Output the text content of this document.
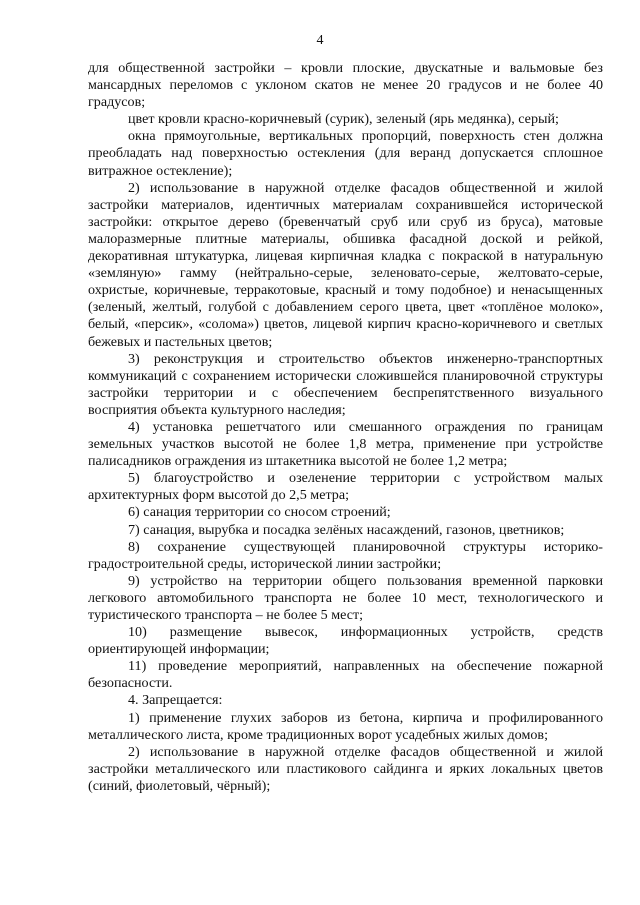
4

для общественной застройки – кровли плоские, двускатные и вальмовые без мансардных переломов с уклоном скатов не менее 20 градусов и не более 40 градусов;

цвет кровли красно-коричневый (сурик), зеленый (ярь медянка), серый;

окна прямоугольные, вертикальных пропорций, поверхность стен должна преобладать над поверхностью остекления (для веранд допускается сплошное витражное остекление);

2) использование в наружной отделке фасадов общественной и жилой застройки материалов, идентичных материалам сохранившейся исторической застройки: открытое дерево (бревенчатый сруб или сруб из бруса), матовые малоразмерные плитные материалы, обшивка фасадной доской и рейкой, декоративная штукатурка, лицевая кирпичная кладка с покраской в натуральную «земляную» гамму (нейтрально-серые, зеленовато-серые, желтовато-серые, охристые, коричневые, терракотовые, красный и тому подобное) и ненасыщенных (зеленый, желтый, голубой с добавлением серого цвета, цвет «топлёное молоко», белый, «персик», «солома») цветов, лицевой кирпич красно-коричневого и светлых бежевых и пастельных цветов;

3) реконструкция и строительство объектов инженерно-транспортных коммуникаций с сохранением исторически сложившейся планировочной структуры застройки территории и с обеспечением беспрепятственного визуального восприятия объекта культурного наследия;

4) установка решетчатого или смешанного ограждения по границам земельных участков высотой не более 1,8 метра, применение при устройстве палисадников ограждения из штакетника высотой не более 1,2 метра;

5) благоустройство и озеленение территории с устройством малых архитектурных форм высотой до 2,5 метра;

6) санация территории со сносом строений;

7) санация, вырубка и посадка зелёных насаждений, газонов, цветников;

8) сохранение существующей планировочной структуры историко-градостроительной среды, исторической линии застройки;

9) устройство на территории общего пользования временной парковки легкового автомобильного транспорта не более 10 мест, технологического и туристического транспорта – не более 5 мест;

10) размещение вывесок, информационных устройств, средств ориентирующей информации;

11) проведение мероприятий, направленных на обеспечение пожарной безопасности.

4. Запрещается:

1) применение глухих заборов из бетона, кирпича и профилированного металлического листа, кроме традиционных ворот усадебных жилых домов;

2) использование в наружной отделке фасадов общественной и жилой застройки металлического или пластикового сайдинга и ярких локальных цветов (синий, фиолетовый, чёрный);
